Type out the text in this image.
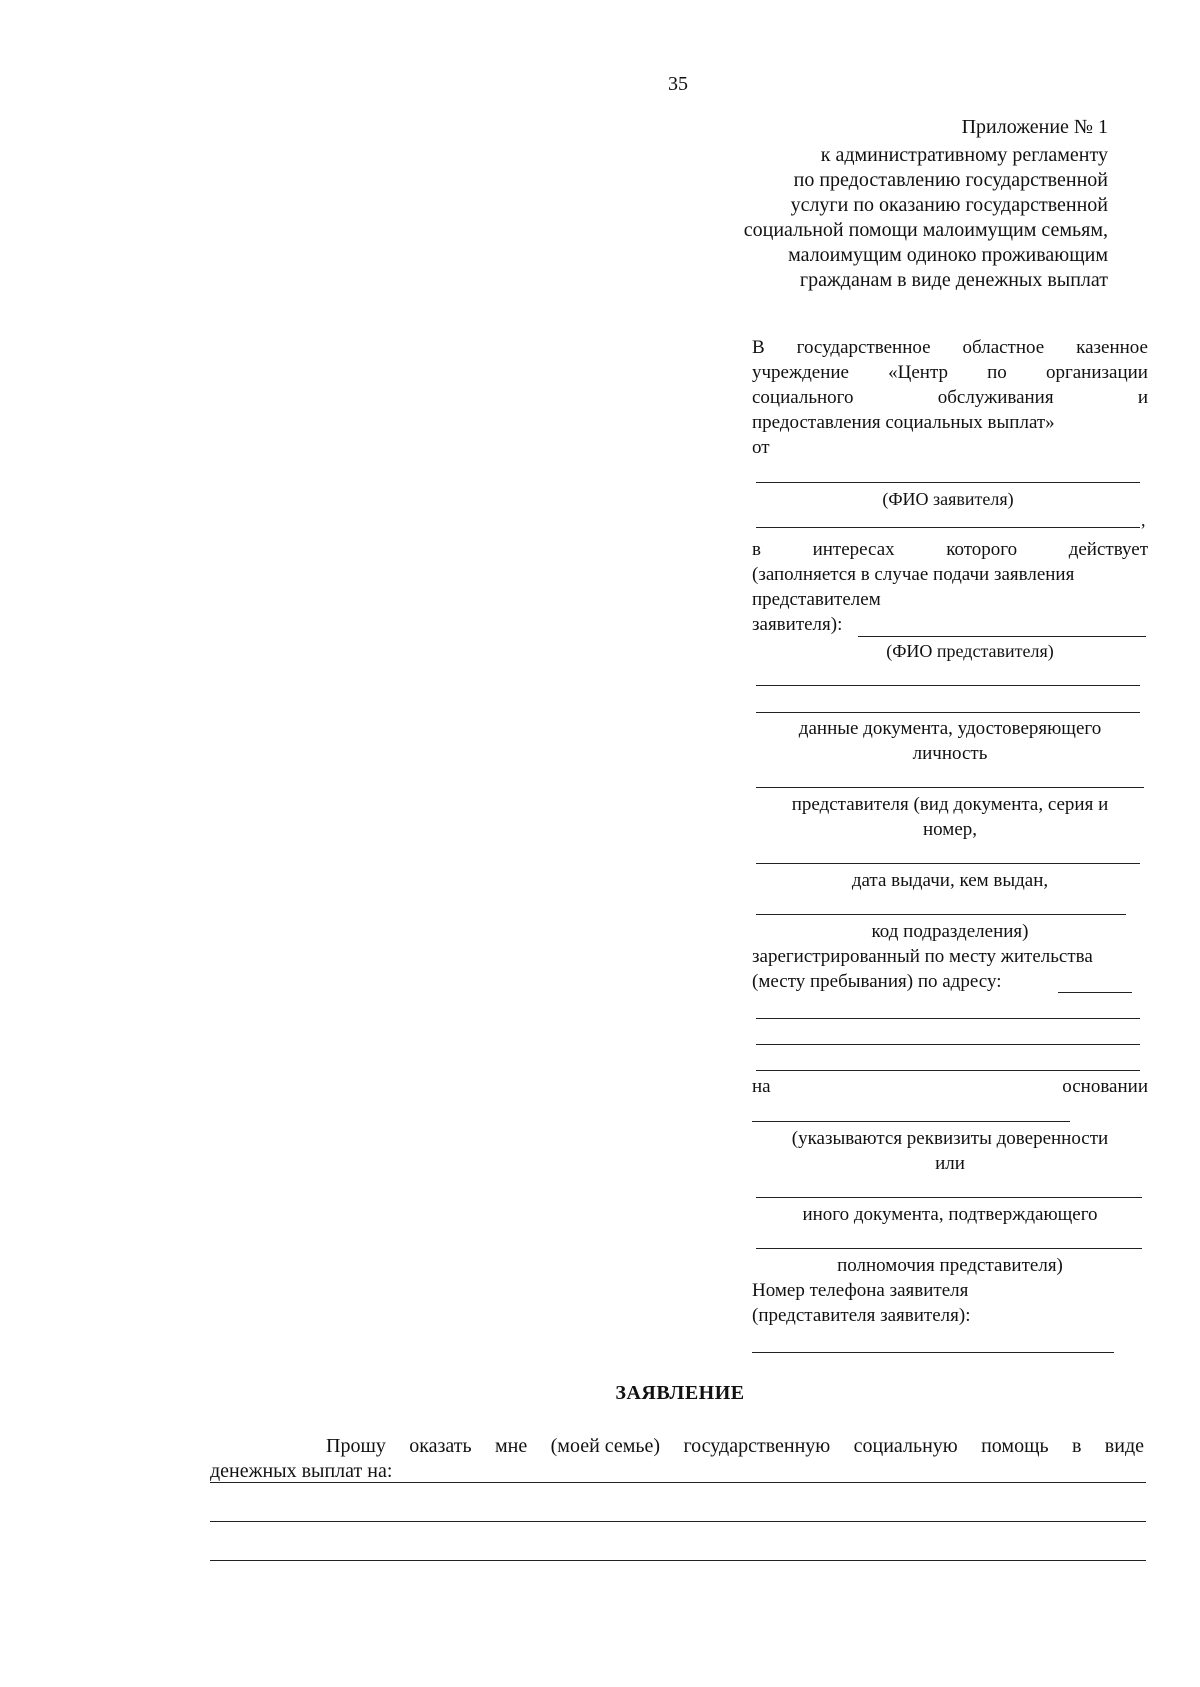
35
Приложение № 1
к административному регламенту
по предоставлению государственной
услуги по оказанию государственной
социальной помощи малоимущим семьям,
малоимущим одиноко проживающим
гражданам в виде денежных выплат
В государственное областное казенное
учреждение «Центр по организации
социального	обслуживания	и
предоставления социальных выплат»
от
(ФИО заявителя)
,
в	интересах	которого	действует
(заполняется в случае подачи заявления
представителем
заявителя):
(ФИО представителя)
данные документа, удостоверяющего
личность
представителя (вид документа, серия и
номер,
дата выдачи, кем выдан,
код подразделения)
зарегистрированный по месту жительства
(месту пребывания) по адресу:
на	основании
(указываются реквизиты доверенности
или
иного документа, подтверждающего
полномочия представителя)
Номер телефона заявителя
(представителя заявителя):
ЗАЯВЛЕНИЕ
Прошу оказать мне (моей семье) государственную социальную помощь в виде
денежных выплат на:
